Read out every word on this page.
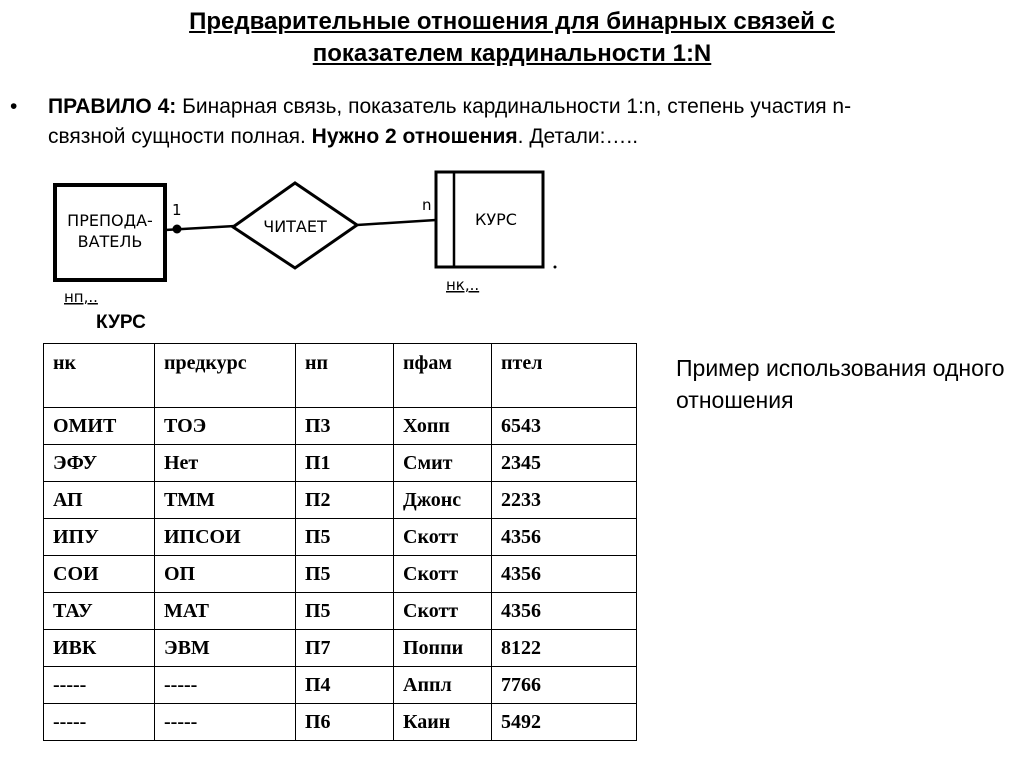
Предварительные отношения для бинарных связей с
показателем кардинальности 1:N
• ПРАВИЛО 4: Бинарная связь, показатель кардинальности 1:n, степень участия n-связной сущности полная. Нужно 2 отношения. Детали:…..
ПРЕПОДА-
ВАТЕЛЬ
1
ЧИТАЕТ
n
КУРС
нп,..
нк,..
КУРС
нк	предкурс	нп	пфам	птел
ОМИТ	ТОЭ	П3	Хопп	6543
ЭФУ	Нет	П1	Смит	2345
АП	ТММ	П2	Джонс	2233
ИПУ	ИПСОИ	П5	Скотт	4356
СОИ	ОП	П5	Скотт	4356
ТАУ	МАТ	П5	Скотт	4356
ИВК	ЭВМ	П7	Поппи	8122
-----	-----	П4	Аппл	7766
-----	-----	П6	Каин	5492
Пример использования одного отношения
